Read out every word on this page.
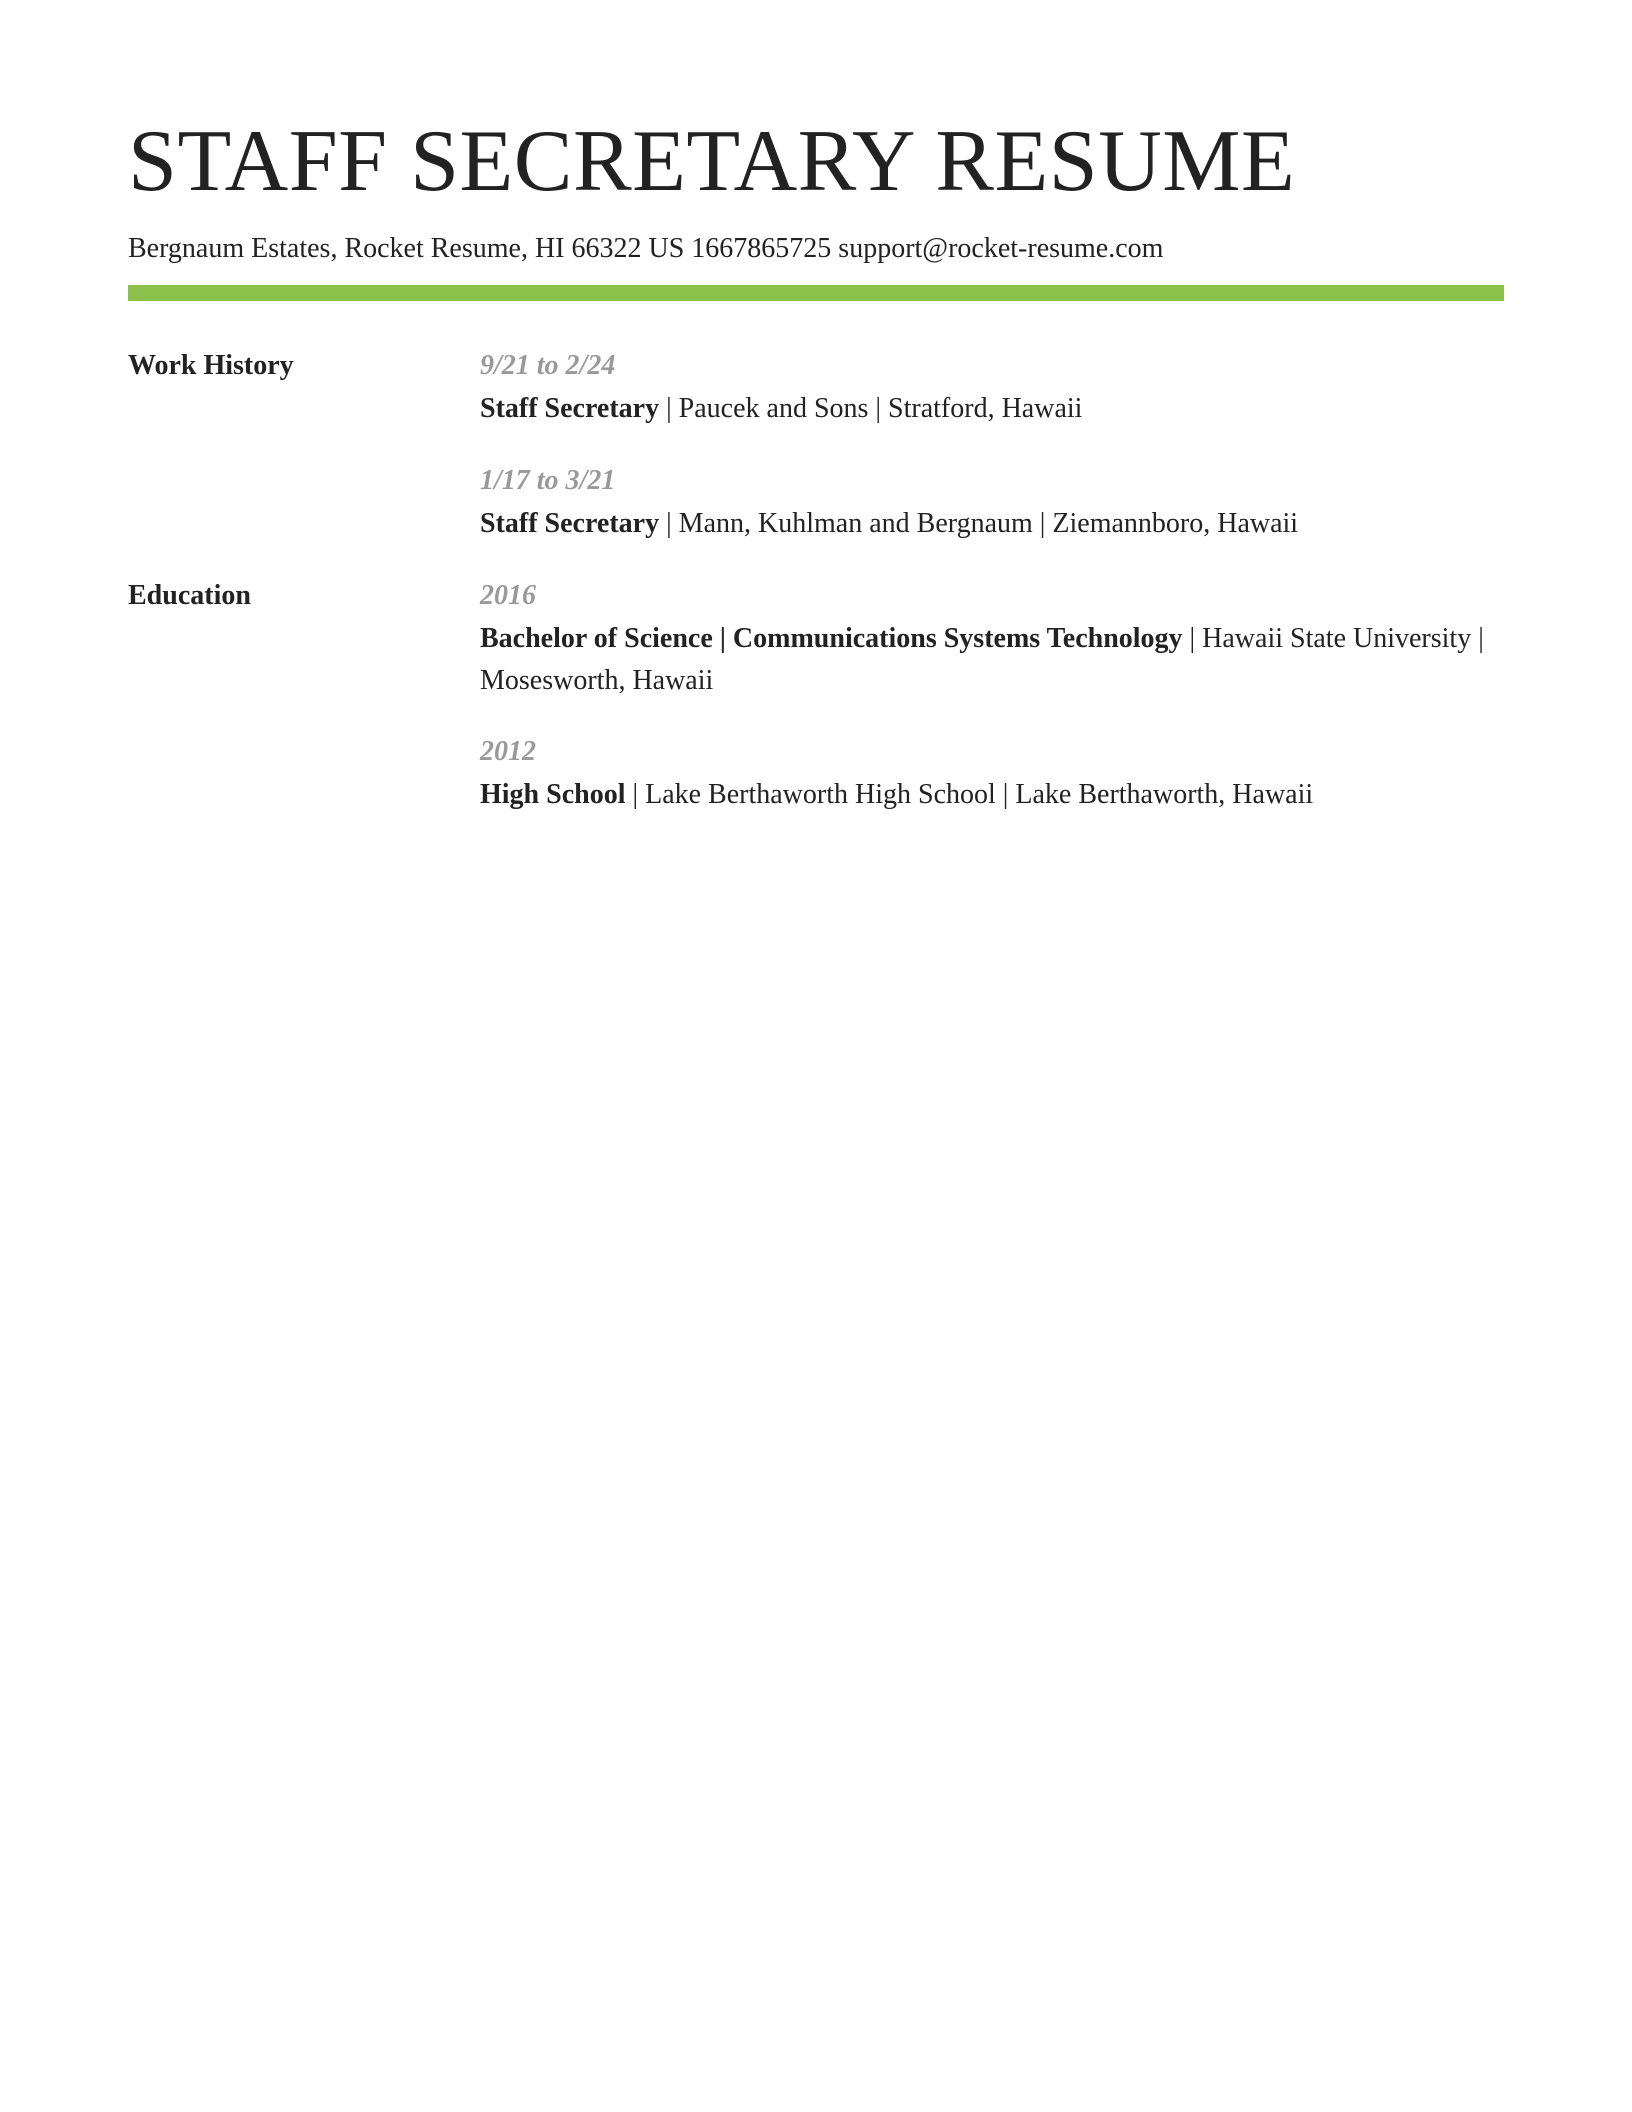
STAFF SECRETARY RESUME
Bergnaum Estates, Rocket Resume, HI 66322 US 1667865725 support@rocket-resume.com
Work History	9/21 to 2/24
Staff Secretary | Paucek and Sons | Stratford, Hawaii
1/17 to 3/21
Staff Secretary | Mann, Kuhlman and Bergnaum | Ziemannboro, Hawaii
Education	2016
Bachelor of Science | Communications Systems Technology | Hawaii State University | Mosesworth, Hawaii
2012
High School | Lake Berthaworth High School | Lake Berthaworth, Hawaii
